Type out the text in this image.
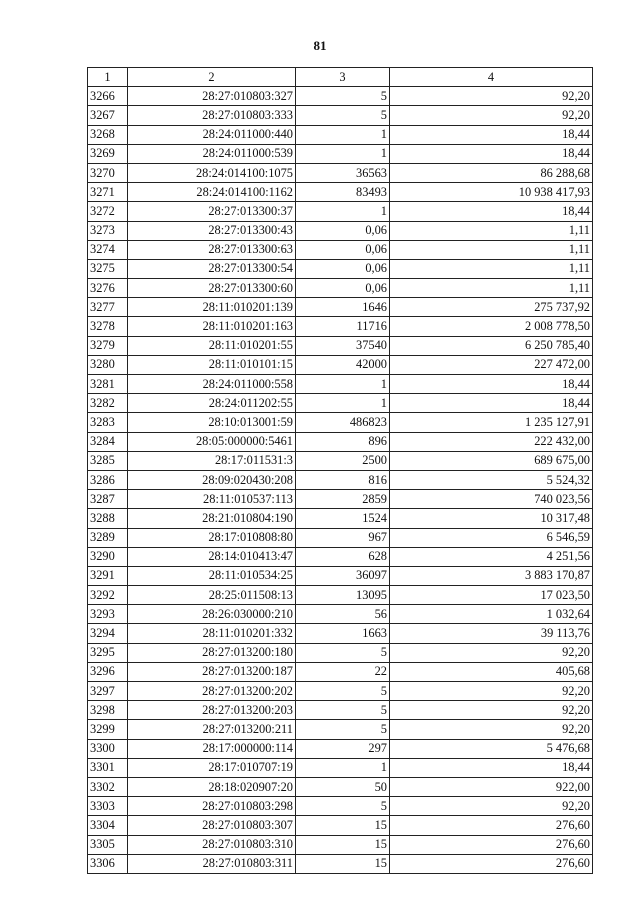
81
1	2	3	4
3266	28:27:010803:327	5	92,20
3267	28:27:010803:333	5	92,20
3268	28:24:011000:440	1	18,44
3269	28:24:011000:539	1	18,44
3270	28:24:014100:1075	36563	86 288,68
3271	28:24:014100:1162	83493	10 938 417,93
3272	28:27:013300:37	1	18,44
3273	28:27:013300:43	0,06	1,11
3274	28:27:013300:63	0,06	1,11
3275	28:27:013300:54	0,06	1,11
3276	28:27:013300:60	0,06	1,11
3277	28:11:010201:139	1646	275 737,92
3278	28:11:010201:163	11716	2 008 778,50
3279	28:11:010201:55	37540	6 250 785,40
3280	28:11:010101:15	42000	227 472,00
3281	28:24:011000:558	1	18,44
3282	28:24:011202:55	1	18,44
3283	28:10:013001:59	486823	1 235 127,91
3284	28:05:000000:5461	896	222 432,00
3285	28:17:011531:3	2500	689 675,00
3286	28:09:020430:208	816	5 524,32
3287	28:11:010537:113	2859	740 023,56
3288	28:21:010804:190	1524	10 317,48
3289	28:17:010808:80	967	6 546,59
3290	28:14:010413:47	628	4 251,56
3291	28:11:010534:25	36097	3 883 170,87
3292	28:25:011508:13	13095	17 023,50
3293	28:26:030000:210	56	1 032,64
3294	28:11:010201:332	1663	39 113,76
3295	28:27:013200:180	5	92,20
3296	28:27:013200:187	22	405,68
3297	28:27:013200:202	5	92,20
3298	28:27:013200:203	5	92,20
3299	28:27:013200:211	5	92,20
3300	28:17:000000:114	297	5 476,68
3301	28:17:010707:19	1	18,44
3302	28:18:020907:20	50	922,00
3303	28:27:010803:298	5	92,20
3304	28:27:010803:307	15	276,60
3305	28:27:010803:310	15	276,60
3306	28:27:010803:311	15	276,60
